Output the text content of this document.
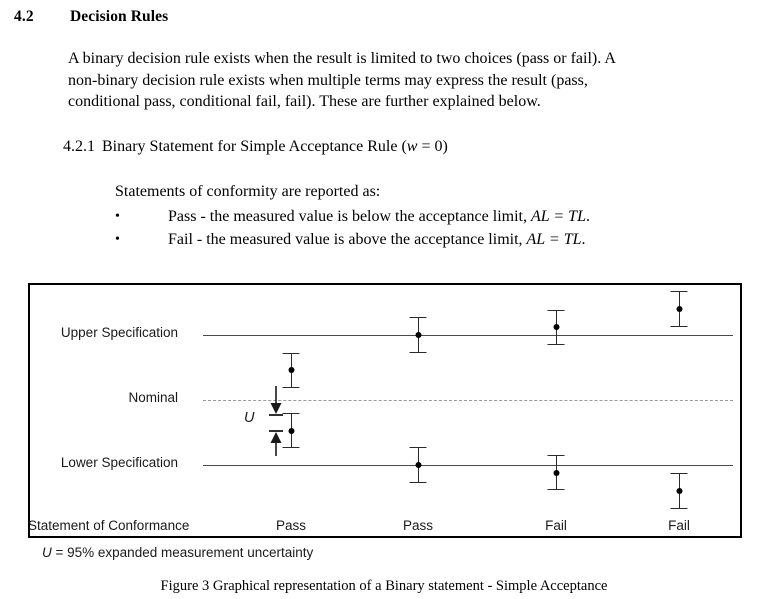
4.2 Decision Rules
A binary decision rule exists when the result is limited to two choices (pass or fail). A
non-binary decision rule exists when multiple terms may express the result (pass,
conditional pass, conditional fail, fail). These are further explained below.
4.2.1 Binary Statement for Simple Acceptance Rule (w = 0)
Statements of conformity are reported as:
•	Pass - the measured value is below the acceptance limit, AL = TL.
•	Fail - the measured value is above the acceptance limit, AL = TL.
Upper Specification
Nominal
Lower Specification
Statement of Conformance
U
Pass	Pass	Fail	Fail
U = 95% expanded measurement uncertainty
Figure 3 Graphical representation of a Binary statement - Simple Acceptance
